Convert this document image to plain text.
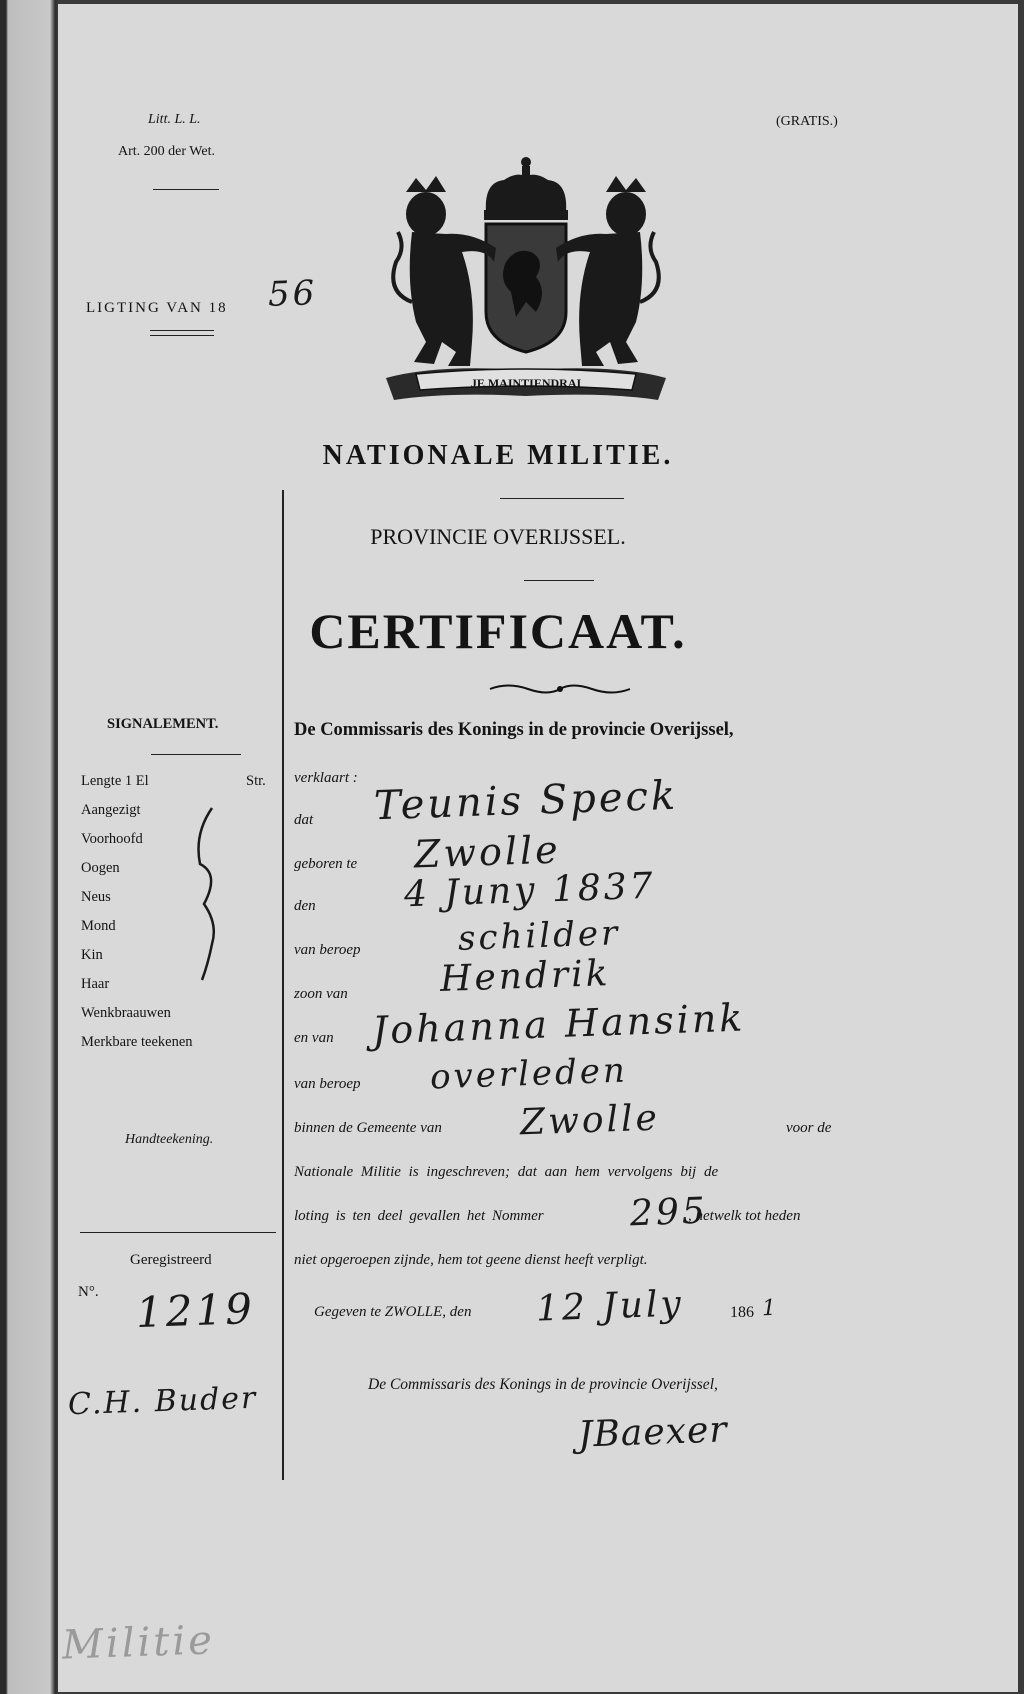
Litt. L. L.
Art. 200 der Wet.
(GRATIS.)
LIGTING VAN 18 56
JE MAINTIENDRAI
NATIONALE MILITIE.
PROVINCIE OVERIJSSEL.
CERTIFICAAT.
SIGNALEMENT.
Lengte 1 El	Str.
Aangezigt
Voorhoofd
Oogen
Neus
Mond
Kin
Haar
Wenkbraauwen
Merkbare teekenen
Handteekening.
Geregistreerd
N°. 1219
C.H. Buder
De Commissaris des Konings in de provincie Overijssel,
verklaart :
dat Teunis Speck
geboren te Zwolle
den 4 Juny 1837
van beroep	schilder
zoon van	Hendrik
en van Johanna Hansink
van beroep overleden
binnen de Gemeente van Zwolle	voor de
Nationale Militie is ingeschreven; dat aan hem vervolgens bij de
loting is ten deel gevallen het Nommer 295
, hetwelk tot heden
niet opgeroepen zijnde, hem tot geene dienst heeft verpligt.
Gegeven te ZWOLLE, den 12 July	186 1
De Commissaris des Konings in de provincie Overijssel,
JBaexer
Militie
